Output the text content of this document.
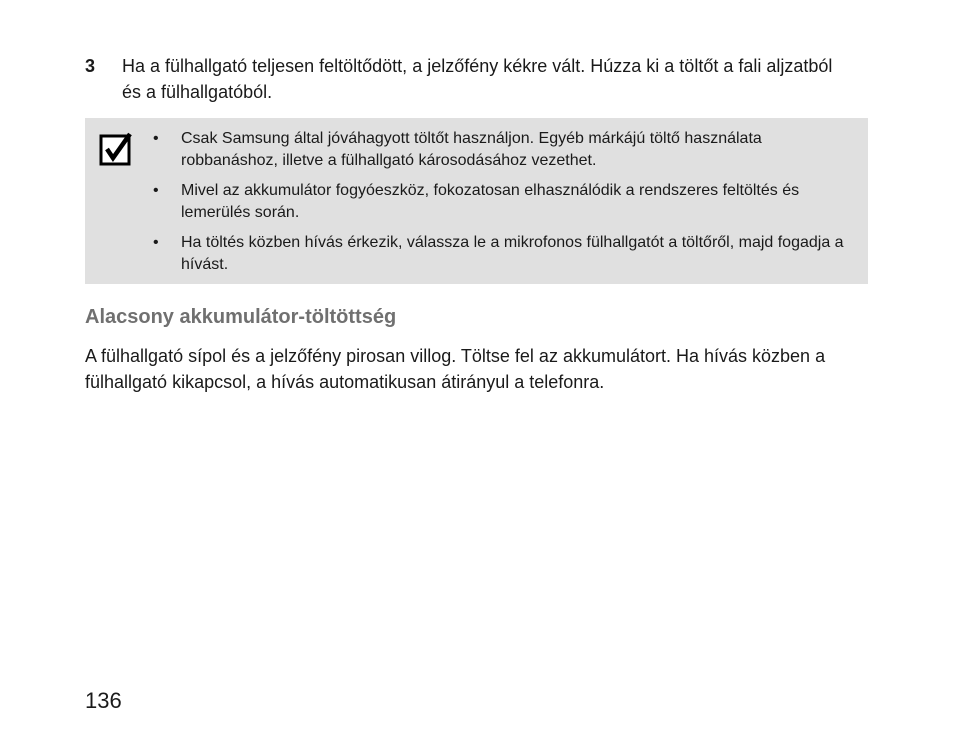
3 Ha a fülhallgató teljesen feltöltődött, a jelzőfény kékre vált. Húzza ki a töltőt a fali aljzatból és a fülhallgatóból.
• Csak Samsung által jóváhagyott töltőt használjon. Egyéb márkájú töltő használata robbanáshoz, illetve a fülhallgató károsodásához vezethet.
• Mivel az akkumulátor fogyóeszköz, fokozatosan elhasználódik a rendszeres feltöltés és lemerülés során.
• Ha töltés közben hívás érkezik, válassza le a mikrofonos fülhallgatót a töltőről, majd fogadja a hívást.
Alacsony akkumulátor-töltöttség

A fülhallgató sípol és a jelzőfény pirosan villog. Töltse fel az akkumulátort. Ha hívás közben a fülhallgató kikapcsol, a hívás automatikusan átirányul a telefonra.

136
